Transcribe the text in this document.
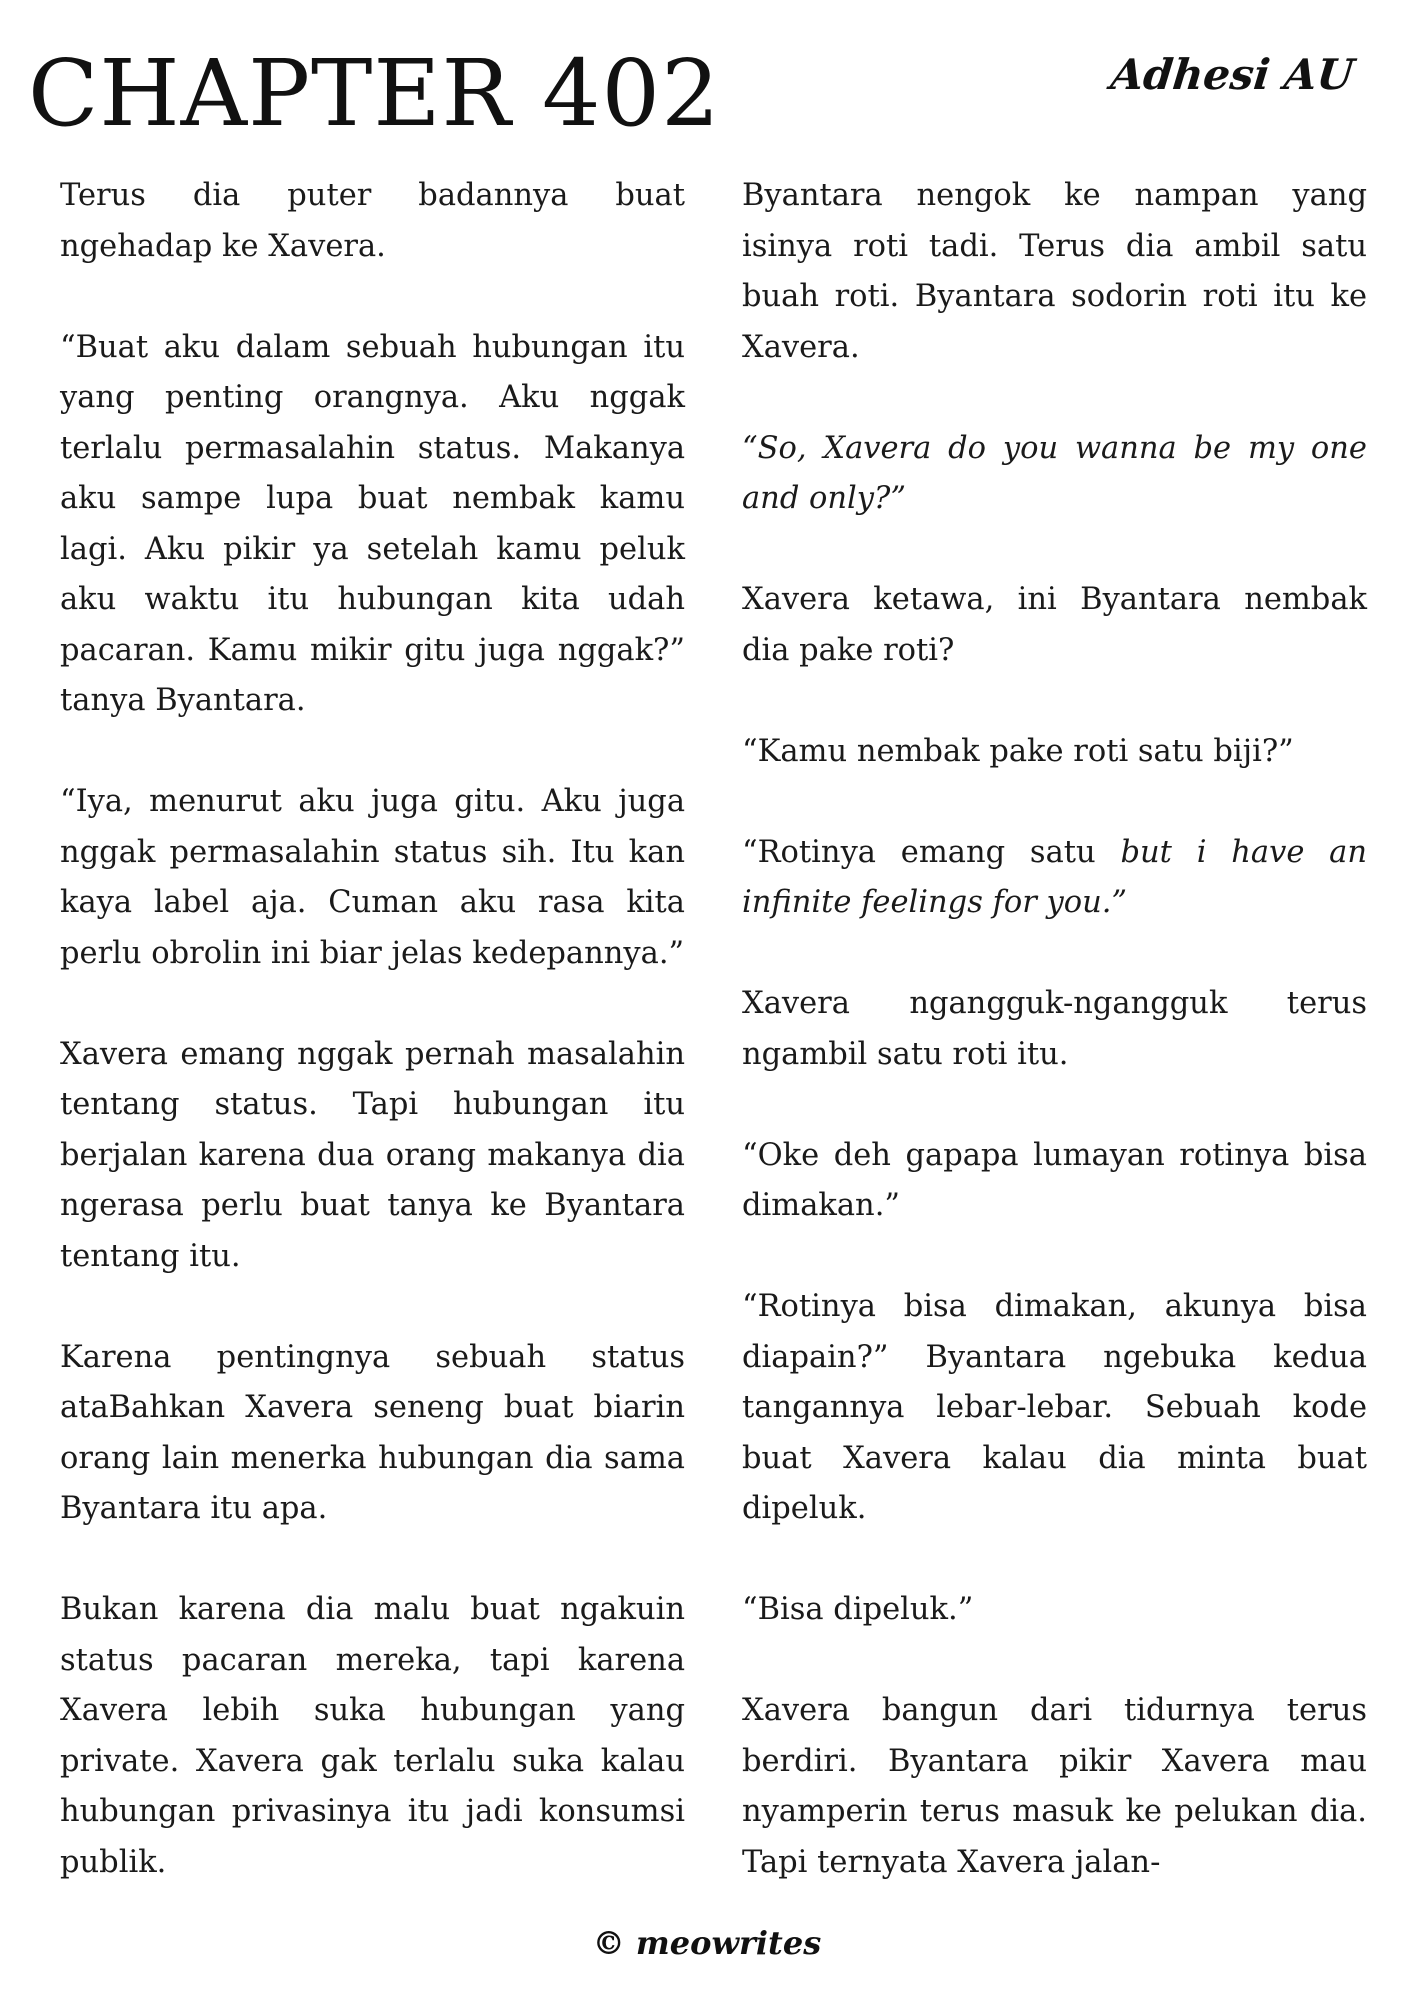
CHAPTER 402	Adhesi AU

Terus dia puter badannya buat ngehadap ke Xavera.

“Buat aku dalam sebuah hubungan itu yang penting orangnya. Aku nggak terlalu permasalahin status. Makanya aku sampe lupa buat nembak kamu lagi. Aku pikir ya setelah kamu peluk aku waktu itu hubungan kita udah pacaran. Kamu mikir gitu juga nggak?” tanya Byantara.

“Iya, menurut aku juga gitu. Aku juga nggak permasalahin status sih. Itu kan kaya label aja. Cuman aku rasa kita perlu obrolin ini biar jelas kedepannya.”

Xavera emang nggak pernah masalahin tentang status. Tapi hubungan itu berjalan karena dua orang makanya dia ngerasa perlu buat tanya ke Byantara tentang itu.

Karena pentingnya sebuah status ataBahkan Xavera seneng buat biarin orang lain menerka hubungan dia sama Byantara itu apa.

Bukan karena dia malu buat ngakuin status pacaran mereka, tapi karena Xavera lebih suka hubungan yang private. Xavera gak terlalu suka kalau hubungan privasinya itu jadi konsumsi publik.

Byantara nengok ke nampan yang isinya roti tadi. Terus dia ambil satu buah roti. Byantara sodorin roti itu ke Xavera.

“So, Xavera do you wanna be my one and only?”

Xavera ketawa, ini Byantara nembak dia pake roti?

“Kamu nembak pake roti satu biji?”

“Rotinya emang satu but i have an infinite feelings for you.”

Xavera ngangguk-ngangguk terus ngambil satu roti itu.

“Oke deh gapapa lumayan rotinya bisa dimakan.”

“Rotinya bisa dimakan, akunya bisa diapain?” Byantara ngebuka kedua tangannya lebar-lebar. Sebuah kode buat Xavera kalau dia minta buat dipeluk.

“Bisa dipeluk.”

Xavera bangun dari tidurnya terus berdiri. Byantara pikir Xavera mau nyamperin terus masuk ke pelukan dia. Tapi ternyata Xavera jalan-

© meowrites
